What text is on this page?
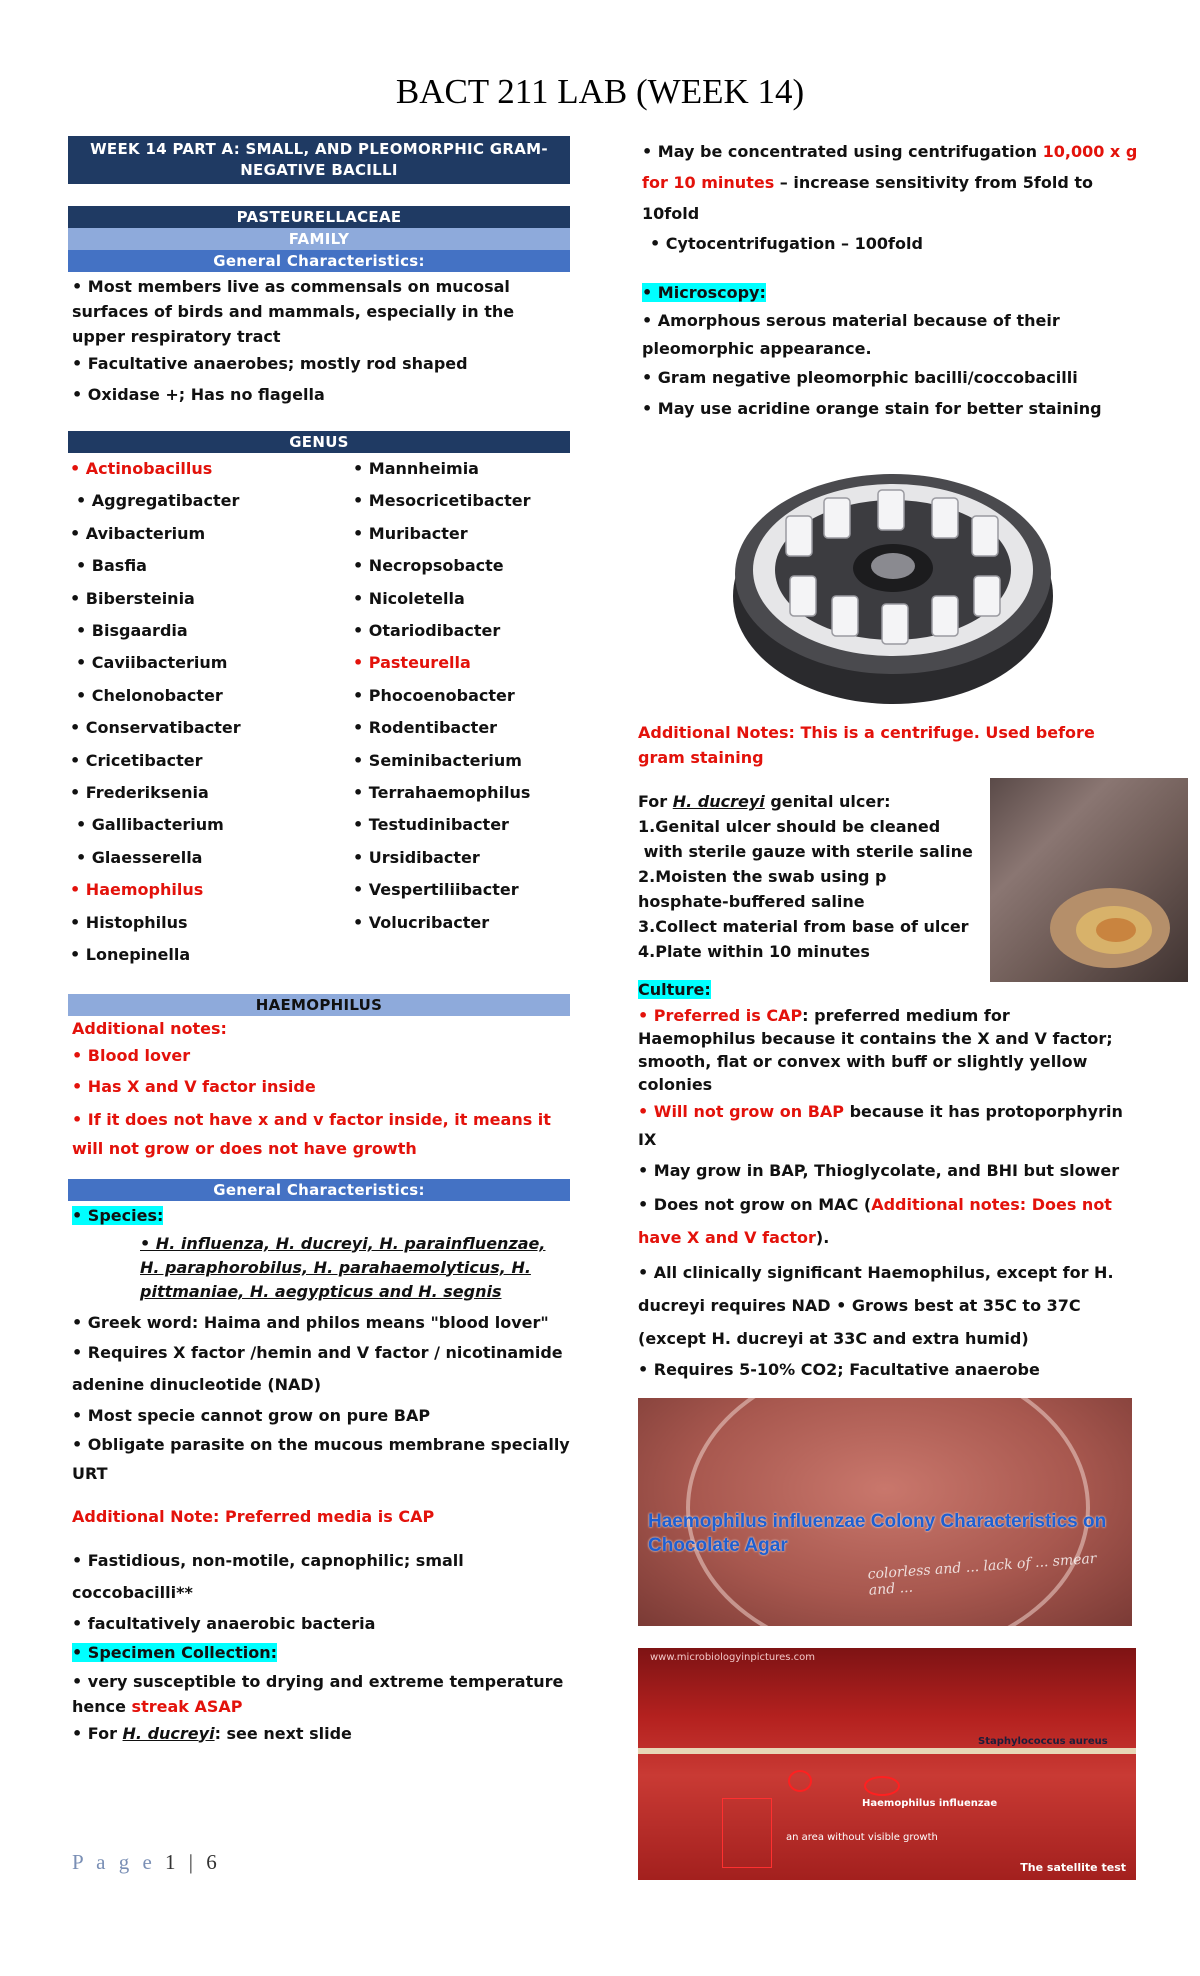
BACT 211 LAB (WEEK 14)
WEEK 14 PART A: SMALL, AND PLEOMORPHIC GRAM-NEGATIVE BACILLI
PASTEURELLACEAE
FAMILY
General Characteristics:
• Most members live as commensals on mucosal surfaces of birds and mammals, especially in the upper respiratory tract
• Facultative anaerobes; mostly rod shaped
• Oxidase +; Has no flagella
GENUS
• Actinobacillus
• Aggregatibacter
• Avibacterium
• Basfia
• Bibersteinia
• Bisgaardia
• Caviibacterium
• Chelonobacter
• Conservatibacter
• Cricetibacter
• Frederiksenia
• Gallibacterium
• Glaesserella
• Haemophilus
• Histophilus
• Lonepinella
• Mannheimia
• Mesocricetibacter
• Muribacter
• Necropsobacte
• Nicoletella
• Otariodibacter
• Pasteurella
• Phocoenobacter
• Rodentibacter
• Seminibacterium
• Terrahaemophilus
• Testudinibacter
• Ursidibacter
• Vespertiliibacter
• Volucribacter
HAEMOPHILUS
Additional notes:
• Blood lover
• Has X and V factor inside
• If it does not have x and v factor inside, it means it will not grow or does not have growth
General Characteristics:
• Species:
• H. influenza, H. ducreyi, H. parainfluenzae, H. paraphorobilus, H. parahaemolyticus, H. pittmaniae, H. aegypticus and H. segnis
• Greek word: Haima and philos means "blood lover"
• Requires X factor /hemin and V factor / nicotinamide adenine dinucleotide (NAD)
• Most specie cannot grow on pure BAP
• Obligate parasite on the mucous membrane specially URT
Additional Note: Preferred media is CAP
• Fastidious, non-motile, capnophilic; small coccobacilli**
• facultatively anaerobic bacteria
• Specimen Collection:
• very susceptible to drying and extreme temperature hence streak ASAP
• For H. ducreyi: see next slide
• May be concentrated using centrifugation 10,000 x g for 10 minutes – increase sensitivity from 5fold to 10fold
• Cytocentrifugation – 100fold
• Microscopy:
• Amorphous serous material because of their pleomorphic appearance.
• Gram negative pleomorphic bacilli/coccobacilli
• May use acridine orange stain for better staining
Additional Notes: This is a centrifuge. Used before gram staining
For H. ducreyi genital ulcer:
1.Genital ulcer should be cleaned
with sterile gauze with sterile saline
2.Moisten the swab using p
hosphate-buffered saline
3.Collect material from base of ulcer
4.Plate within 10 minutes
Culture:
• Preferred is CAP: preferred medium for Haemophilus because it contains the X and V factor; smooth, flat or convex with buff or slightly yellow colonies
• Will not grow on BAP because it has protoporphyrin IX
• May grow in BAP, Thioglycolate, and BHI but slower
• Does not grow on MAC (Additional notes: Does not have X and V factor).
• All clinically significant Haemophilus, except for H. ducreyi requires NAD • Grows best at 35C to 37C (except H. ducreyi at 33C and extra humid)
• Requires 5-10% CO2; Facultative anaerobe
Haemophilus influenzae Colony Characteristics on Chocolate Agar
colorless and ... lack of ... smear and ...
www.microbiologyinpictures.com
Staphylococcus aureus
Haemophilus influenzae
an area without visible growth
The satellite test
P a g e 1 | 6
